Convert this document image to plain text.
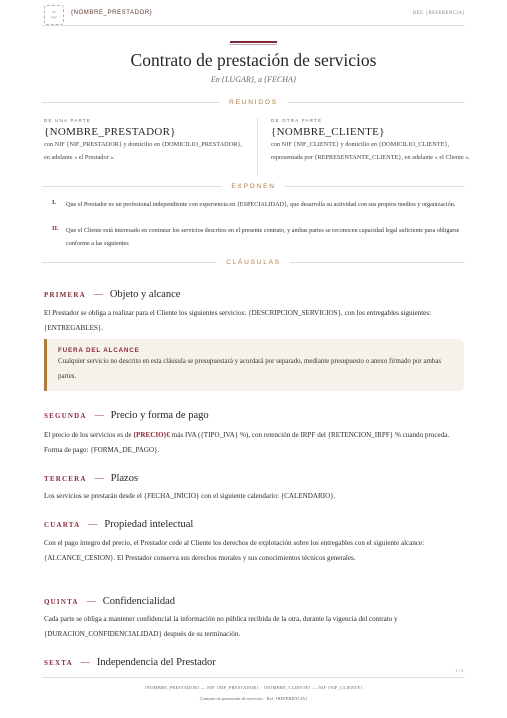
Su
logo
{NOMBRE_PRESTADOR}	REF. {REFERENCIA}
Contrato de prestación de servicios
En {LUGAR}, a {FECHA}
REUNIDOS
DE UNA PARTE
{NOMBRE_PRESTADOR}
con NIF {NIF_PRESTADOR} y domicilio en {DOMICILIO_PRESTADOR}, en adelante « el Prestador ».
DE OTRA PARTE
{NOMBRE_CLIENTE}
con NIF {NIF_CLIENTE} y domicilio en {DOMICILIO_CLIENTE}, representada por {REPRESENTANTE_CLIENTE}, en adelante « el Cliente ».
EXPONEN
I.	Que el Prestador es un profesional independiente con experiencia en {ESPECIALIDAD}, que desarrolla su actividad con sus propios medios y organización.
II.	Que el Cliente está interesado en contratar los servicios descritos en el presente contrato, y ambas partes se reconocen capacidad legal suficiente para obligarse conforme a las siguientes
CLÁUSULAS
PRIMERA — Objeto y alcance
El Prestador se obliga a realizar para el Cliente los siguientes servicios: {DESCRIPCION_SERVICIOS}, con los entregables siguientes: {ENTREGABLES}.
FUERA DEL ALCANCE
Cualquier servicio no descrito en esta cláusula se presupuestará y acordará por separado, mediante presupuesto o anexo firmado por ambas partes.
SEGUNDA — Precio y forma de pago
El precio de los servicios es de {PRECIO}€ más IVA ({TIPO_IVA} %), con retención de IRPF del {RETENCION_IRPF} % cuando proceda. Forma de pago: {FORMA_DE_PAGO}.
TERCERA — Plazos
Los servicios se prestarán desde el {FECHA_INICIO} con el siguiente calendario: {CALENDARIO}.
CUARTA — Propiedad intelectual
Con el pago íntegro del precio, el Prestador cede al Cliente los derechos de explotación sobre los entregables con el siguiente alcance: {ALCANCE_CESION}. El Prestador conserva sus derechos morales y sus conocimientos técnicos generales.
QUINTA — Confidencialidad
Cada parte se obliga a mantener confidencial la información no pública recibida de la otra, durante la vigencia del contrato y {DURACION_CONFIDENCIALIDAD} después de su terminación.
SEXTA — Independencia del Prestador
1 / 3
{NOMBRE_PRESTADOR} — NIF {NIF_PRESTADOR} · {NOMBRE_CLIENTE} — NIF {NIF_CLIENTE}
Contrato de prestación de servicios · Ref. {REFERENCIA}
